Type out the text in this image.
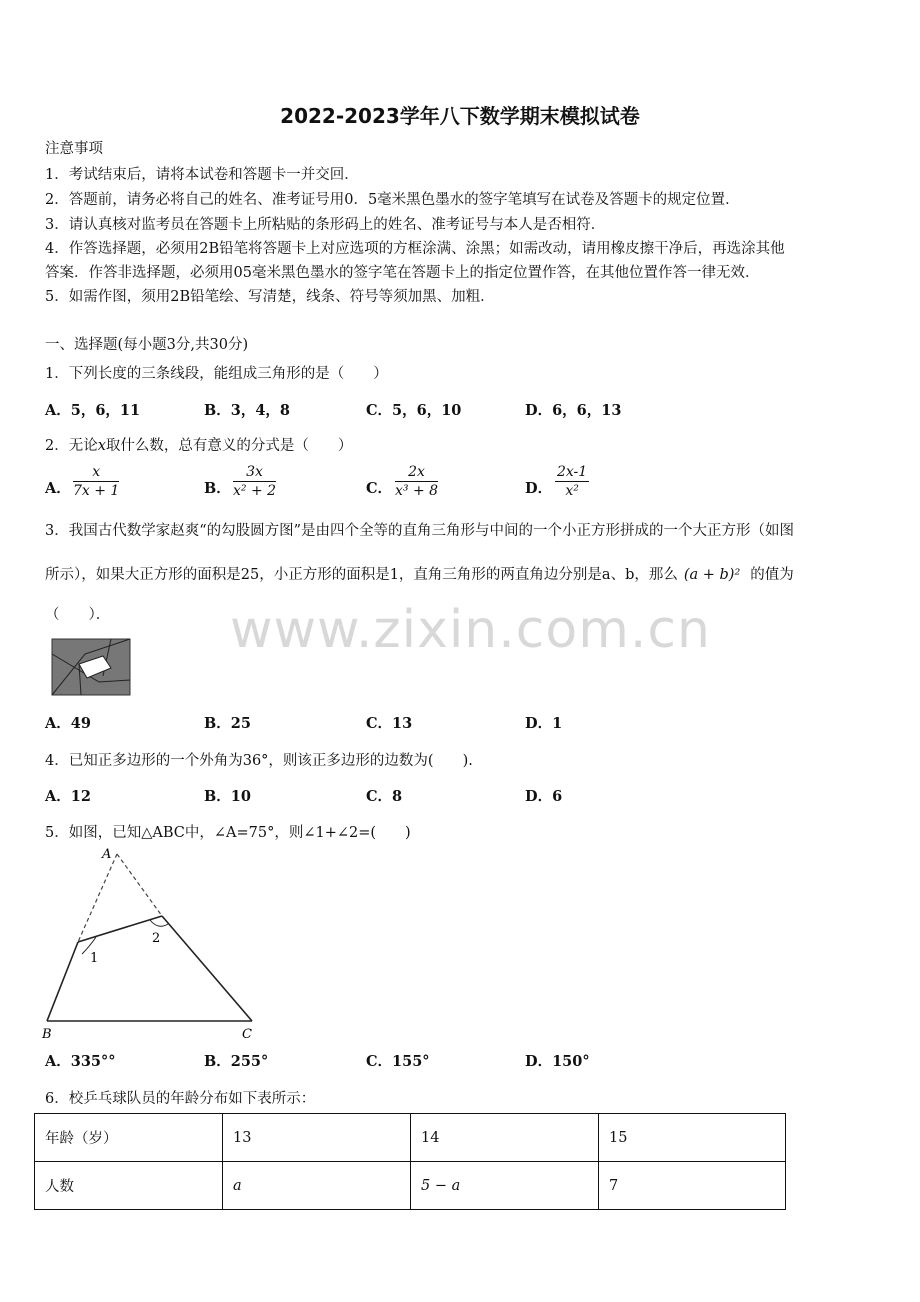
2022-2023学年八下数学期末模拟试卷
注意事项
1．考试结束后，请将本试卷和答题卡一并交回．
2．答题前，请务必将自己的姓名、准考证号用0．5毫米黑色墨水的签字笔填写在试卷及答题卡的规定位置．
3．请认真核对监考员在答题卡上所粘贴的条形码上的姓名、准考证号与本人是否相符．
4．作答选择题，必须用2B铅笔将答题卡上对应选项的方框涂满、涂黑；如需改动，请用橡皮擦干净后，再选涂其他
答案．作答非选择题，必须用05毫米黑色墨水的签字笔在答题卡上的指定位置作答，在其他位置作答一律无效．
5．如需作图，须用2B铅笔绘、写清楚，线条、符号等须加黑、加粗．
一、选择题(每小题3分,共30分)
1．下列长度的三条线段，能组成三角形的是（　　）
A．5，6，11	B．3，4，8	C．5，6，10	D．6，6，13
2．无论x取什么数，总有意义的分式是（　　）
A． $\frac{x}{7x + 1}$	B． $\frac{3x}{\text{x² + 2}}$	C． $\frac{2x}{\text{x³ + 8}}$	D． $\frac{2x-1}{\text{x²}}$
3．我国古代数学家赵爽“的勾股圆方图”是由四个全等的直角三角形与中间的一个小正方形拼成的一个大正方形（如图
所示），如果大正方形的面积是25，小正方形的面积是1，直角三角形的两直角边分别是a、b，那么 (a + b)² 的值为
（　　）．
A．49	B．25	C．13	D．1
www.zixin.com.cn
4．已知正多边形的一个外角为36°，则该正多边形的边数为(　　).
A．12	B．10	C．8	D．6
5．如图，已知△ABC中，∠A=75°，则∠1+∠2=(　　)
A
1
2
B	C
A．335°°	B．255°	C．155°	D．150°
6．校乒乓球队员的年龄分布如下表所示：
年龄（岁）	13	14	15
人数	a	5 − a	7
